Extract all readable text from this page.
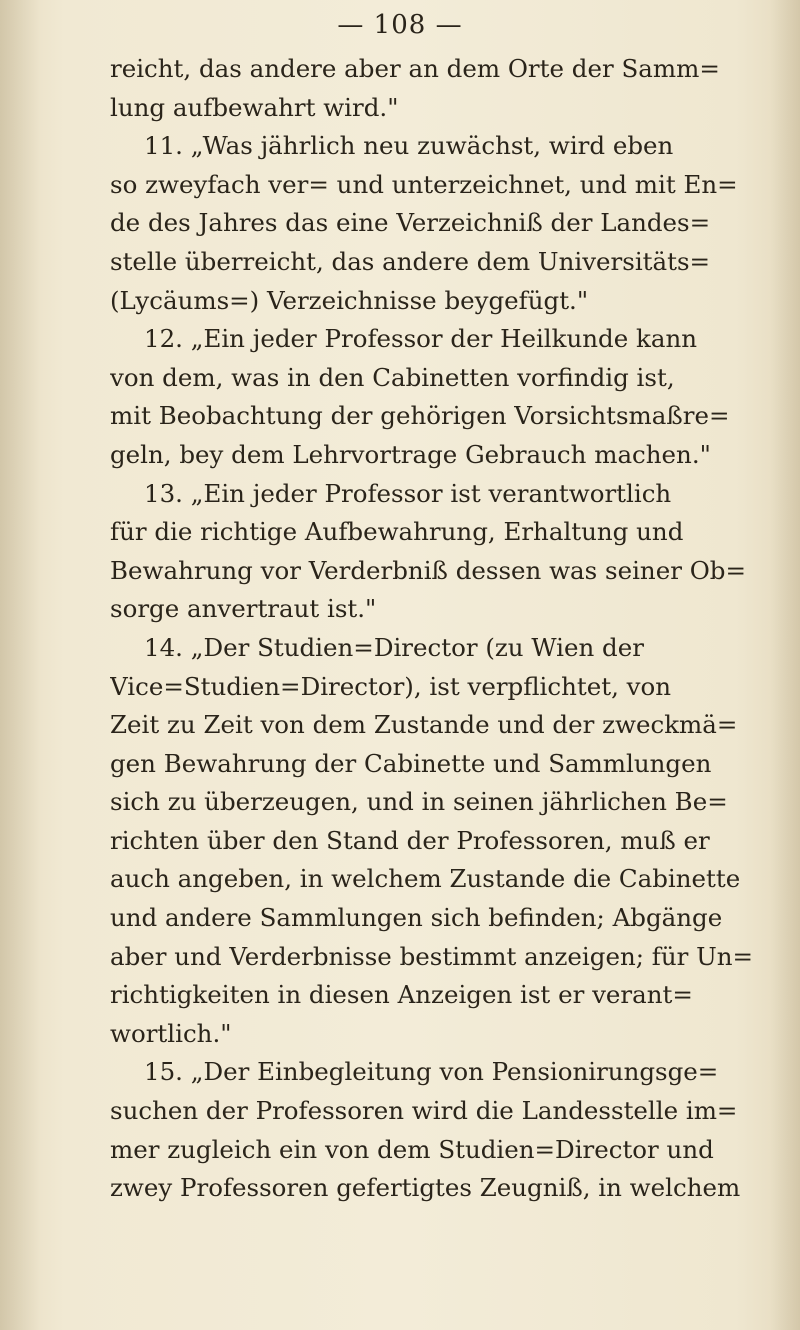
— 108 —
reicht, das andere aber an dem Orte der Samm=
lung aufbewahrt wird."
11. „Was jährlich neu zuwächst, wird eben
so zweyfach ver= und unterzeichnet, und mit En=
de des Jahres das eine Verzeichniß der Landes=
stelle überreicht, das andere dem Universitäts=
(Lycäums=) Verzeichnisse beygefügt."
12. „Ein jeder Professor der Heilkunde kann
von dem, was in den Cabinetten vorfindig ist,
mit Beobachtung der gehörigen Vorsichtsmaßre=
geln, bey dem Lehrvortrage Gebrauch machen."
13. „Ein jeder Professor ist verantwortlich
für die richtige Aufbewahrung, Erhaltung und
Bewahrung vor Verderbniß dessen was seiner Ob=
sorge anvertraut ist."
14. „Der Studien=Director (zu Wien der
Vice=Studien=Director), ist verpflichtet, von
Zeit zu Zeit von dem Zustande und der zweckmä=
gen Bewahrung der Cabinette und Sammlungen
sich zu überzeugen, und in seinen jährlichen Be=
richten über den Stand der Professoren, muß er
auch angeben, in welchem Zustande die Cabinette
und andere Sammlungen sich befinden; Abgänge
aber und Verderbnisse bestimmt anzeigen; für Un=
richtigkeiten in diesen Anzeigen ist er verant=
wortlich."
15. „Der Einbegleitung von Pensionirungsge=
suchen der Professoren wird die Landesstelle im=
mer zugleich ein von dem Studien=Director und
zwey Professoren gefertigtes Zeugniß, in welchem
